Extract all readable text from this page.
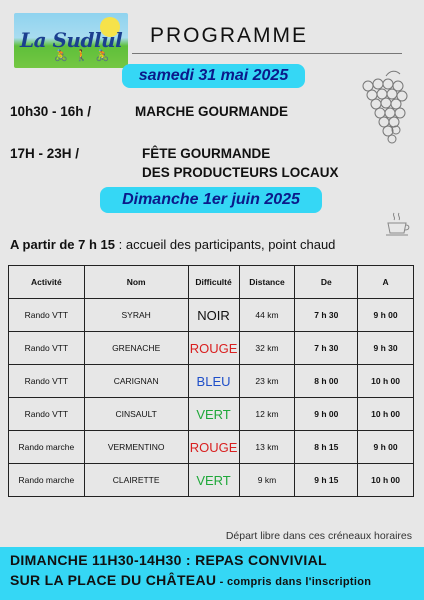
La Sudlul
🚴 🚶 🚴
PROGRAMME
samedi 31 mai 2025
10h30 - 16h /	MARCHE GOURMANDE
17H - 23H /	FÊTE GOURMANDE
DES PRODUCTEURS LOCAUX
Dimanche 1er juin 2025
A partir de 7 h 15 : accueil des participants, point chaud
Activité	Nom	Difficulté	Distance	De	A
Rando VTT	SYRAH	NOIR	44 km	7 h 30	9 h 00
Rando VTT	GRENACHE	ROUGE	32 km	7 h 30	9 h 30
Rando VTT	CARIGNAN	BLEU	23 km	8 h 00	10 h 00
Rando VTT	CINSAULT	VERT	12 km	9 h 00	10 h 00
Rando marche	VERMENTINO	ROUGE	13 km	8 h 15	9 h 00
Rando marche	CLAIRETTE	VERT	9 km	9 h 15	10 h 00
Départ libre dans ces créneaux horaires
DIMANCHE 11H30-14H30 : REPAS CONVIVIAL
SUR LA PLACE DU CHÂTEAU - compris dans l'inscription
